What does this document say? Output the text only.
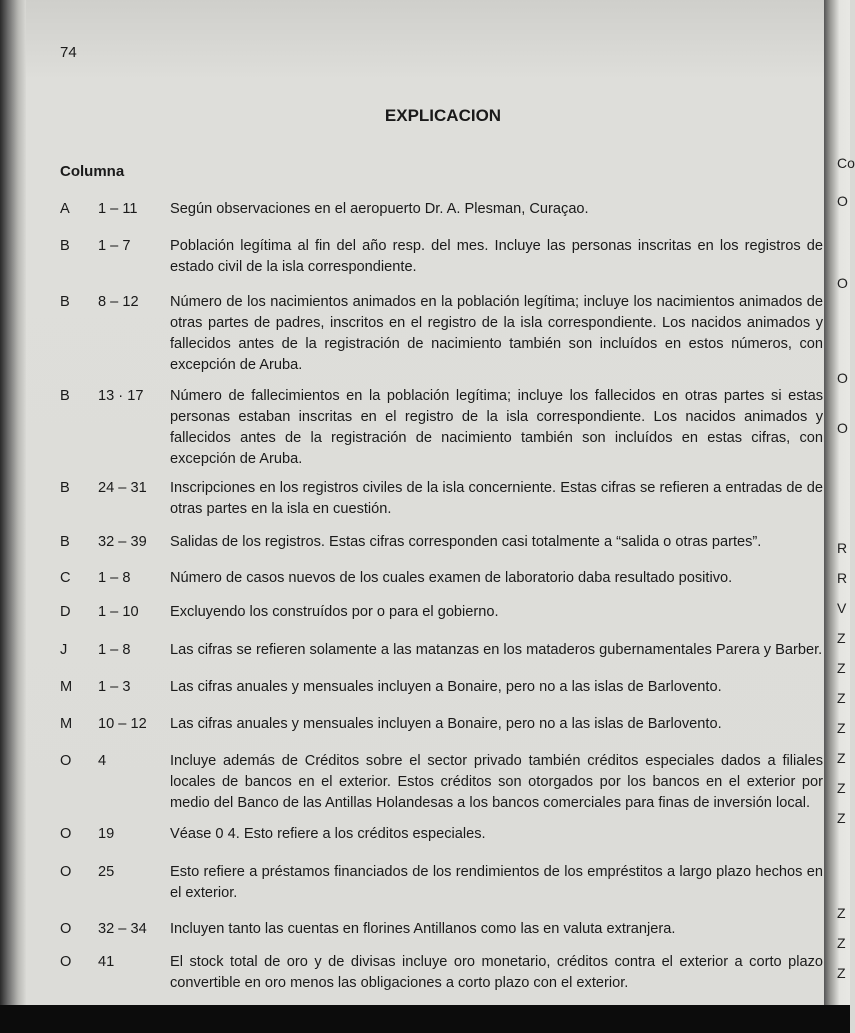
Co
O
O
O
O
R
R
V
Z
Z
Z
Z
Z
Z
Z
Z
Z
Z
74
EXPLICACION
Columna
A 1 – 11	Según observaciones en el aeropuerto Dr. A. Plesman, Curaçao.
B 1 – 7	Población legítima al fin del año resp. del mes. Incluye las personas inscritas en los registros de estado civil de la isla correspondiente.
B 8 – 12	Número de los nacimientos animados en la población legítima; incluye los nacimientos animados de otras partes de padres, inscritos en el registro de la isla correspondiente. Los nacidos animados y fallecidos antes de la registración de nacimiento también son incluídos en estos números, con excepción de Aruba.
B 13 · 17	Número de fallecimientos en la población legítima; incluye los fallecidos en otras partes si estas personas estaban inscritas en el registro de la isla correspondiente. Los nacidos animados y fallecidos antes de la registración de nacimiento también son incluídos en estas cifras, con excepción de Aruba.
B 24 – 31	Inscripciones en los registros civiles de la isla concerniente. Estas cifras se refieren a entradas de de otras partes en la isla en cuestión.
B 32 – 39	Salidas de los registros. Estas cifras corresponden casi totalmente a “salida o otras partes”.
C 1 – 8	Número de casos nuevos de los cuales examen de laboratorio daba resultado positivo.
D 1 – 10	Excluyendo los construídos por o para el gobierno.
J 1 – 8	Las cifras se refieren solamente a las matanzas en los mataderos gubernamentales Parera y Barber.
M 1 – 3	Las cifras anuales y mensuales incluyen a Bonaire, pero no a las islas de Barlovento.
M 10 – 12	Las cifras anuales y mensuales incluyen a Bonaire, pero no a las islas de Barlovento.
O 4	Incluye además de Créditos sobre el sector privado también créditos especiales dados a filiales locales de bancos en el exterior. Estos créditos son otorgados por los bancos en el exterior por medio del Banco de las Antillas Holandesas a los bancos comerciales para finas de inversión local.
O 19	Véase 0 4. Esto refiere a los créditos especiales.
O 25	Esto refiere a préstamos financiados de los rendimientos de los empréstitos a largo plazo hechos en el exterior.
O 32 – 34	Incluyen tanto las cuentas en florines Antillanos como las en valuta extranjera.
O 41	El stock total de oro y de divisas incluye oro monetario, créditos contra el exterior a corto plazo convertible en oro menos las obligaciones a corto plazo con el exterior.
